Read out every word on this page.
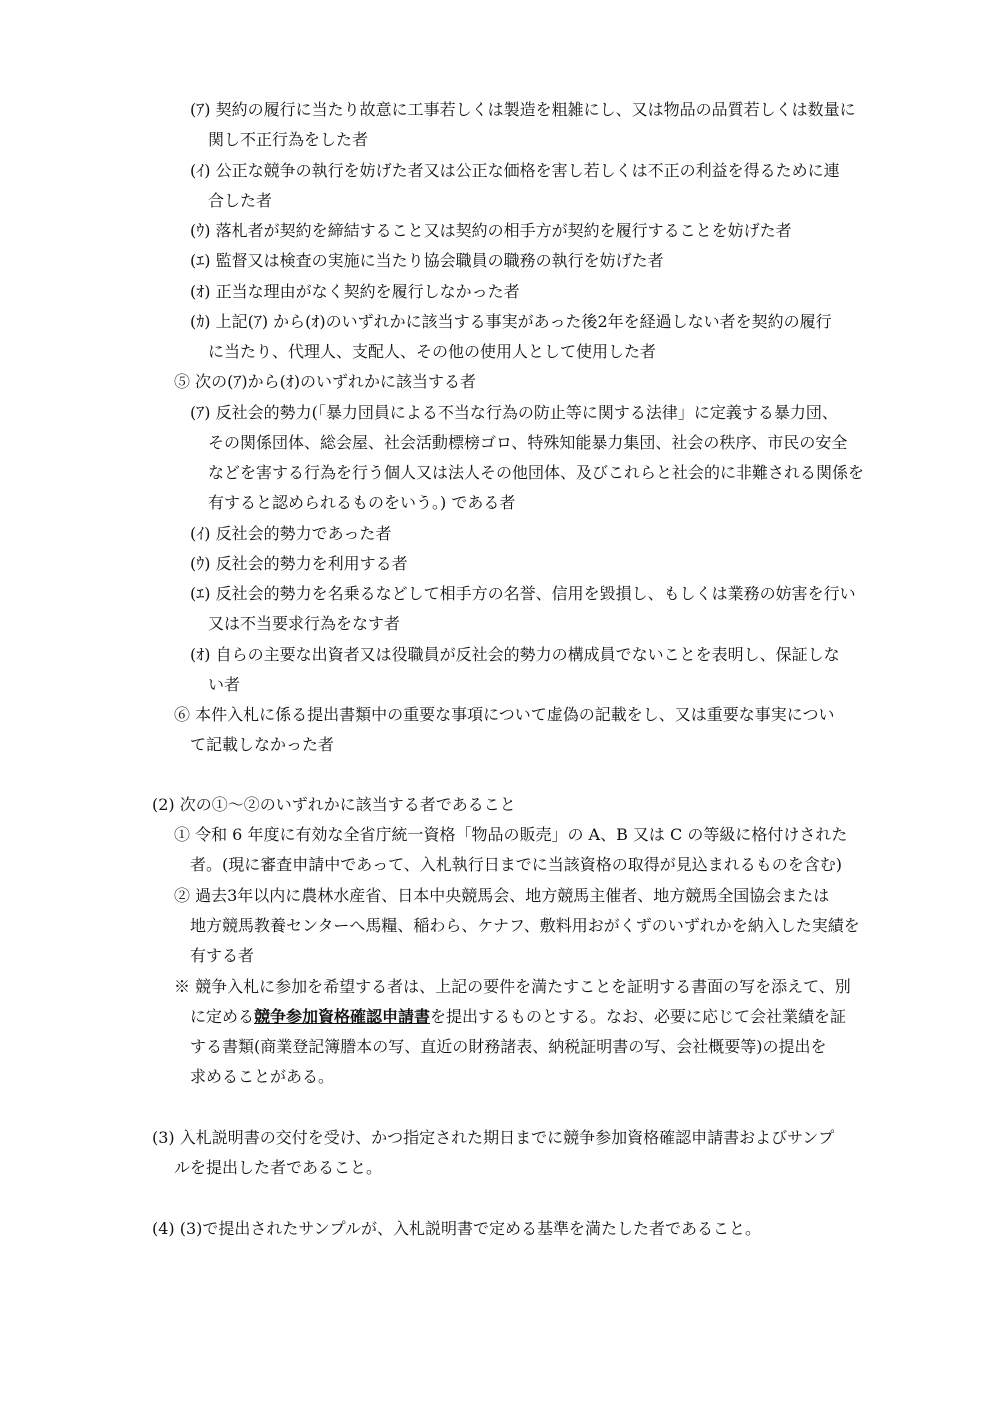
(ｱ) 契約の履行に当たり故意に工事若しくは製造を粗雑にし、又は物品の品質若しくは数量に
関し不正行為をした者
(ｲ) 公正な競争の執行を妨げた者又は公正な価格を害し若しくは不正の利益を得るために連
合した者
(ｳ) 落札者が契約を締結すること又は契約の相手方が契約を履行することを妨げた者
(ｴ) 監督又は検査の実施に当たり協会職員の職務の執行を妨げた者
(ｵ) 正当な理由がなく契約を履行しなかった者
(ｶ) 上記(ｱ) から(ｵ)のいずれかに該当する事実があった後2年を経過しない者を契約の履行
に当たり、代理人、支配人、その他の使用人として使用した者
⑤ 次の(ｱ)から(ｵ)のいずれかに該当する者
(ｱ) 反社会的勢力(「暴力団員による不当な行為の防止等に関する法律」に定義する暴力団、
その関係団体、総会屋、社会活動標榜ゴロ、特殊知能暴力集団、社会の秩序、市民の安全
などを害する行為を行う個人又は法人その他団体、及びこれらと社会的に非難される関係を
有すると認められるものをいう。) である者
(ｲ) 反社会的勢力であった者
(ｳ) 反社会的勢力を利用する者
(ｴ) 反社会的勢力を名乗るなどして相手方の名誉、信用を毀損し、もしくは業務の妨害を行い
又は不当要求行為をなす者
(ｵ) 自らの主要な出資者又は役職員が反社会的勢力の構成員でないことを表明し、保証しな
い者
⑥ 本件入札に係る提出書類中の重要な事項について虚偽の記載をし、又は重要な事実につい
て記載しなかった者
(2) 次の①～②のいずれかに該当する者であること
① 令和 6 年度に有効な全省庁統一資格「物品の販売」の A、B 又は C の等級に格付けされた
者。(現に審査申請中であって、入札執行日までに当該資格の取得が見込まれるものを含む)
② 過去3年以内に農林水産省、日本中央競馬会、地方競馬主催者、地方競馬全国協会または
地方競馬教養センターへ馬糧、稲わら、ケナフ、敷料用おがくずのいずれかを納入した実績を
有する者
※ 競争入札に参加を希望する者は、上記の要件を満たすことを証明する書面の写を添えて、別
に定める競争参加資格確認申請書を提出するものとする。なお、必要に応じて会社業績を証
する書類(商業登記簿謄本の写、直近の財務諸表、納税証明書の写、会社概要等)の提出を
求めることがある。
(3) 入札説明書の交付を受け、かつ指定された期日までに競争参加資格確認申請書およびサンプ
ルを提出した者であること。
(4) (3)で提出されたサンプルが、入札説明書で定める基準を満たした者であること。
